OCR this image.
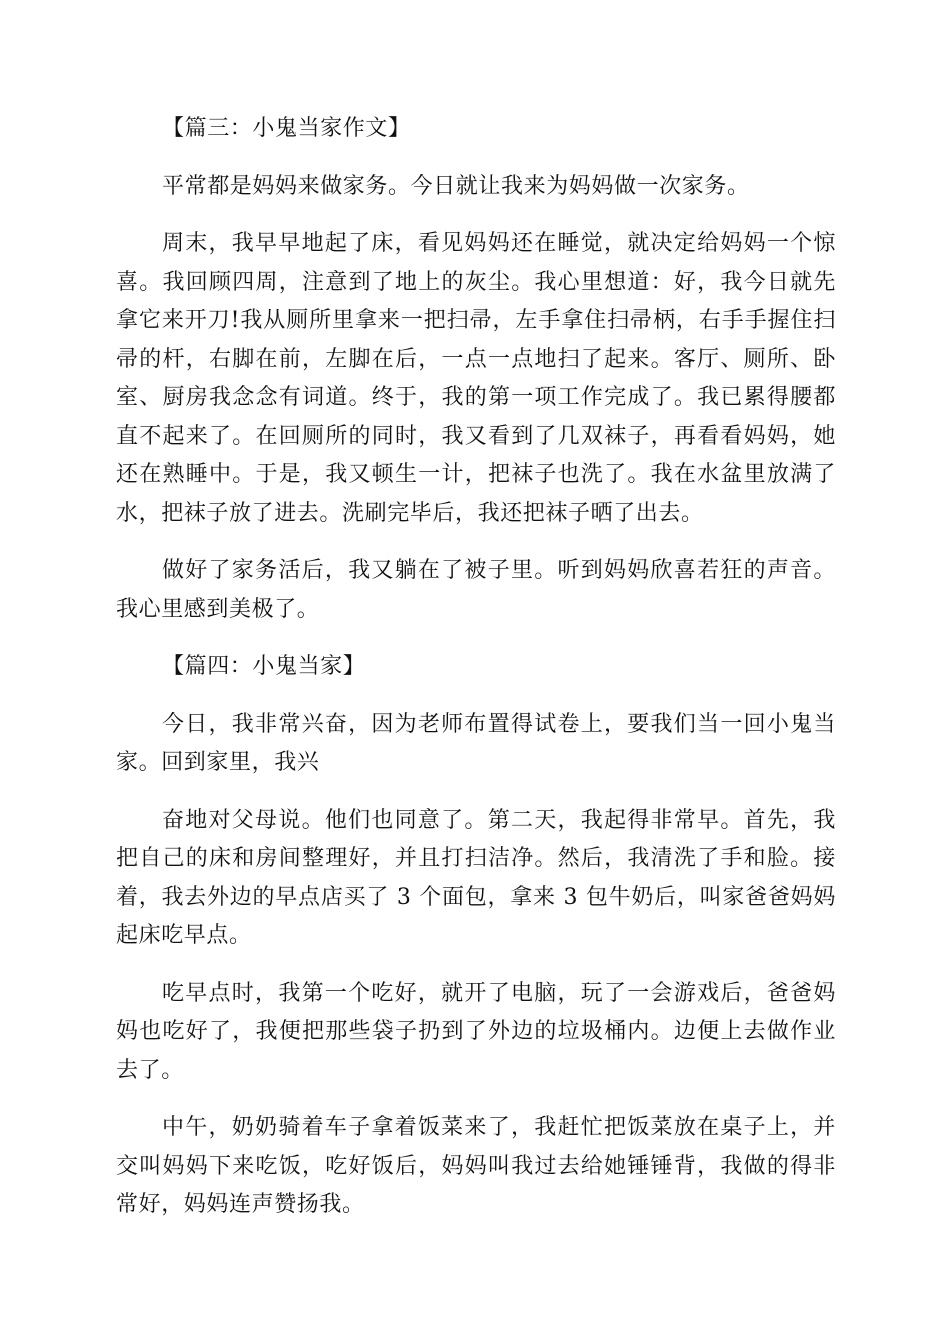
【篇三：小鬼当家作文】

平常都是妈妈来做家务。今日就让我来为妈妈做一次家务。

周末，我早早地起了床，看见妈妈还在睡觉，就决定给妈妈一个惊喜。我回顾四周，注意到了地上的灰尘。我心里想道：好，我今日就先拿它来开刀!我从厕所里拿来一把扫帚，左手拿住扫帚柄，右手手握住扫帚的杆，右脚在前，左脚在后，一点一点地扫了起来。客厅、厕所、卧室、厨房我念念有词道。终于，我的第一项工作完成了。我已累得腰都直不起来了。在回厕所的同时，我又看到了几双袜子，再看看妈妈，她还在熟睡中。于是，我又顿生一计，把袜子也洗了。我在水盆里放满了水，把袜子放了进去。洗刷完毕后，我还把袜子晒了出去。

做好了家务活后，我又躺在了被子里。听到妈妈欣喜若狂的声音。我心里感到美极了。

【篇四：小鬼当家】

今日，我非常兴奋，因为老师布置得试卷上，要我们当一回小鬼当家。回到家里，我兴

奋地对父母说。他们也同意了。第二天，我起得非常早。首先，我把自己的床和房间整理好，并且打扫洁净。然后，我清洗了手和脸。接着，我去外边的早点店买了 3 个面包，拿来 3 包牛奶后，叫家爸爸妈妈起床吃早点。

吃早点时，我第一个吃好，就开了电脑，玩了一会游戏后，爸爸妈妈也吃好了，我便把那些袋子扔到了外边的垃圾桶内。边便上去做作业去了。

中午，奶奶骑着车子拿着饭菜来了，我赶忙把饭菜放在桌子上，并交叫妈妈下来吃饭，吃好饭后，妈妈叫我过去给她锤锤背，我做的得非常好，妈妈连声赞扬我。
